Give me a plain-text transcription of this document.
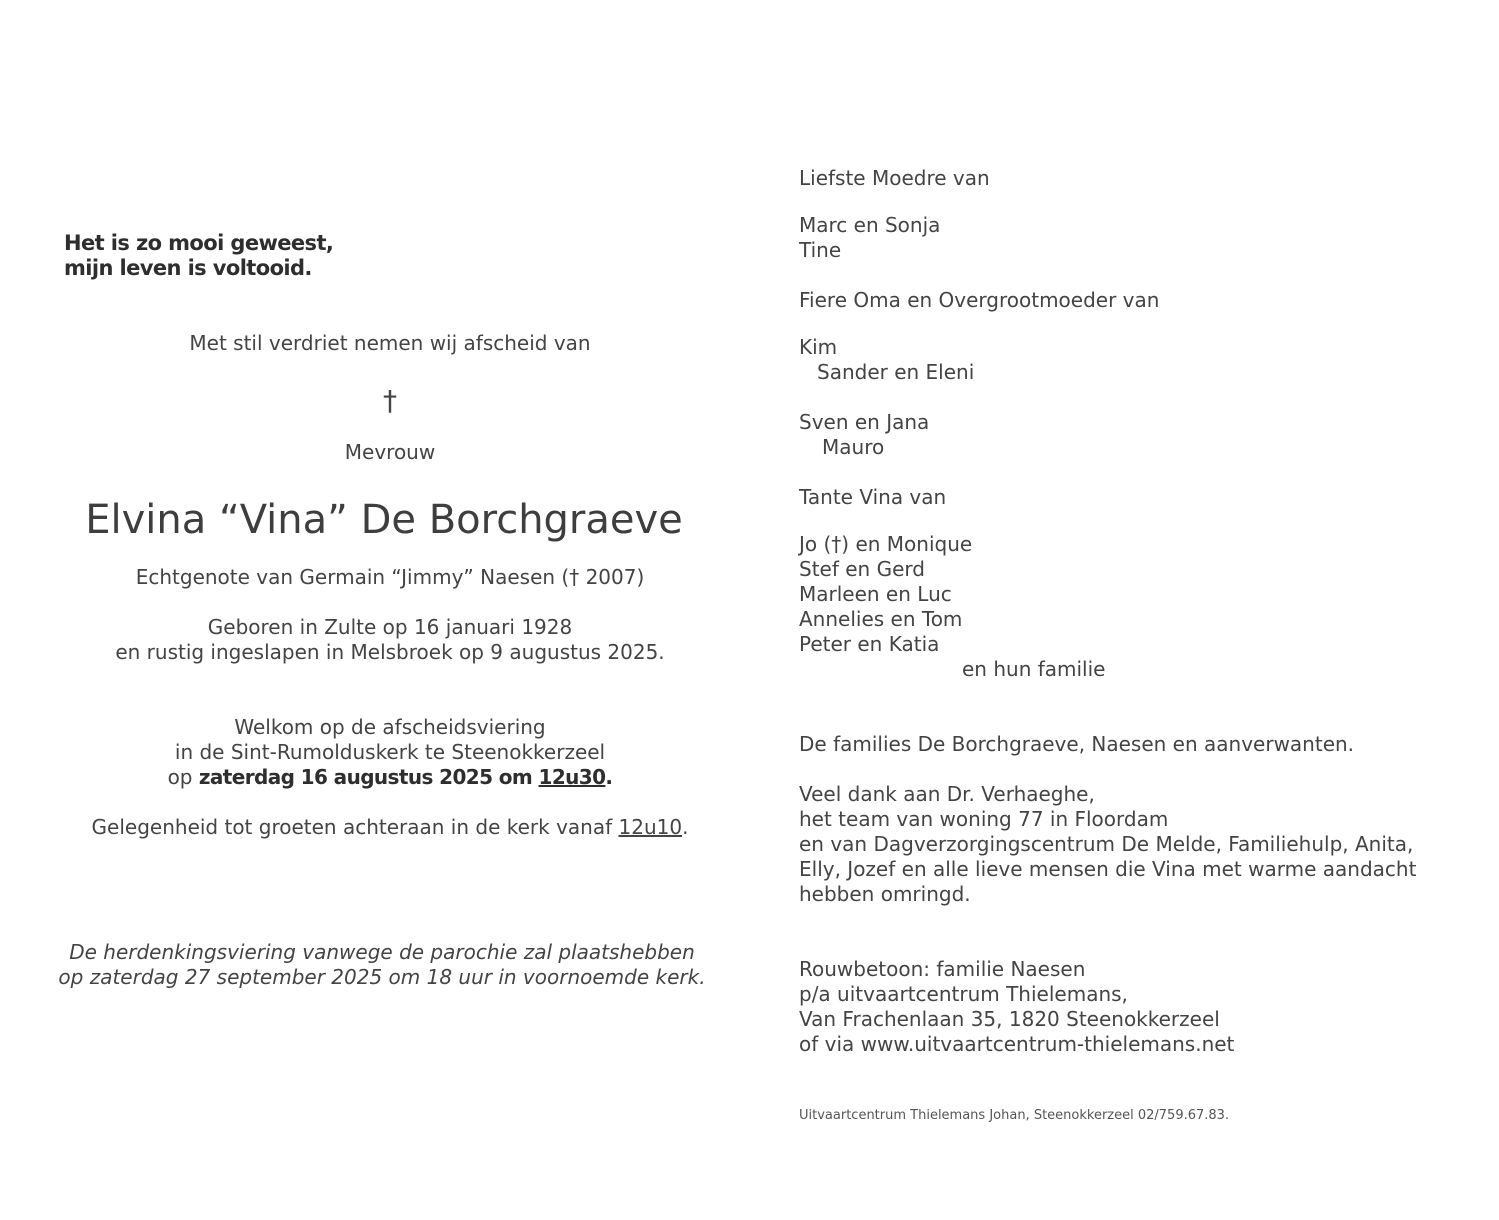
Het is zo mooi geweest,
mijn leven is voltooid.
Met stil verdriet nemen wij afscheid van
†
Mevrouw
Elvina “Vina” De Borchgraeve
Echtgenote van Germain “Jimmy” Naesen († 2007)
Geboren in Zulte op 16 januari 1928
en rustig ingeslapen in Melsbroek op 9 augustus 2025.
Welkom op de afscheidsviering
in de Sint-Rumolduskerk te Steenokkerzeel
op zaterdag 16 augustus 2025 om 12u30.
Gelegenheid tot groeten achteraan in de kerk vanaf 12u10.
De herdenkingsviering vanwege de parochie zal plaatshebben
op zaterdag 27 september 2025 om 18 uur in voornoemde kerk.
Liefste Moedre van
Marc en Sonja
Tine
Fiere Oma en Overgrootmoeder van
Kim
Sander en Eleni
Sven en Jana
Mauro
Tante Vina van
Jo (†) en Monique
Stef en Gerd
Marleen en Luc
Annelies en Tom
Peter en Katia
en hun familie
De families De Borchgraeve, Naesen en aanverwanten.
Veel dank aan Dr. Verhaeghe,
het team van woning 77 in Floordam
en van Dagverzorgingscentrum De Melde, Familiehulp, Anita,
Elly, Jozef en alle lieve mensen die Vina met warme aandacht
hebben omringd.
Rouwbetoon: familie Naesen
p/a uitvaartcentrum Thielemans,
Van Frachenlaan 35, 1820 Steenokkerzeel
of via www.uitvaartcentrum-thielemans.net
Uitvaartcentrum Thielemans Johan, Steenokkerzeel 02/759.67.83.
